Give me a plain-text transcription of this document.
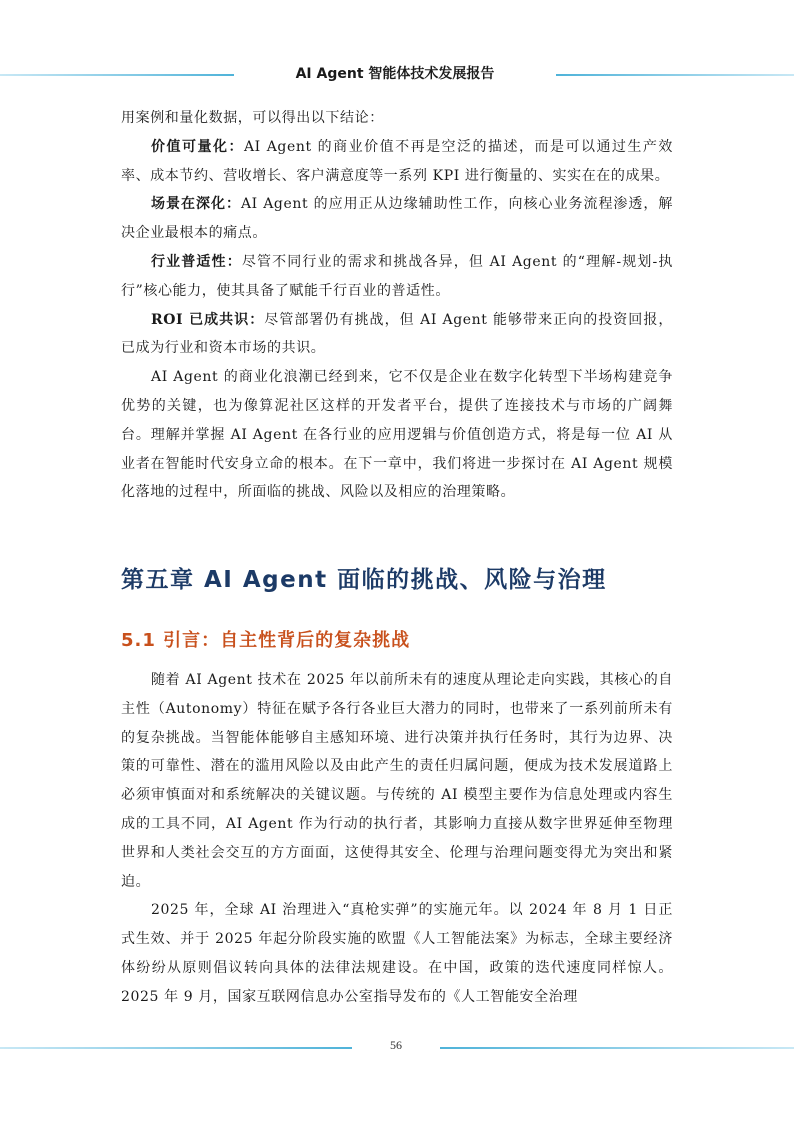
AI Agent 智能体技术发展报告

用案例和量化数据，可以得出以下结论：

价值可量化：AI Agent 的商业价值不再是空泛的描述，而是可以通过生产效率、成本节约、营收增长、客户满意度等一系列 KPI 进行衡量的、实实在在的成果。

场景在深化：AI Agent 的应用正从边缘辅助性工作，向核心业务流程渗透，解决企业最根本的痛点。

行业普适性：尽管不同行业的需求和挑战各异，但 AI Agent 的“理解-规划-执行”核心能力，使其具备了赋能千行百业的普适性。

ROI 已成共识：尽管部署仍有挑战，但 AI Agent 能够带来正向的投资回报，已成为行业和资本市场的共识。

AI Agent 的商业化浪潮已经到来，它不仅是企业在数字化转型下半场构建竞争优势的关键，也为像算泥社区这样的开发者平台，提供了连接技术与市场的广阔舞台。理解并掌握 AI Agent 在各行业的应用逻辑与价值创造方式，将是每一位 AI 从业者在智能时代安身立命的根本。在下一章中，我们将进一步探讨在 AI Agent 规模化落地的过程中，所面临的挑战、风险以及相应的治理策略。

第五章 AI Agent 面临的挑战、风险与治理
5.1 引言：自主性背后的复杂挑战

随着 AI Agent 技术在 2025 年以前所未有的速度从理论走向实践，其核心的自主性（Autonomy）特征在赋予各行各业巨大潜力的同时，也带来了一系列前所未有的复杂挑战。当智能体能够自主感知环境、进行决策并执行任务时，其行为边界、决策的可靠性、潜在的滥用风险以及由此产生的责任归属问题，便成为技术发展道路上必须审慎面对和系统解决的关键议题。与传统的 AI 模型主要作为信息处理或内容生成的工具不同，AI Agent 作为行动的执行者，其影响力直接从数字世界延伸至物理世界和人类社会交互的方方面面，这使得其安全、伦理与治理问题变得尤为突出和紧迫。

2025 年，全球 AI 治理进入“真枪实弹”的实施元年。以 2024 年 8 月 1 日正式生效、并于 2025 年起分阶段实施的欧盟《人工智能法案》为标志，全球主要经济体纷纷从原则倡议转向具体的法律法规建设。在中国，政策的迭代速度同样惊人。2025 年 9 月，国家互联网信息办公室指导发布的《人工智能安全治理

56
